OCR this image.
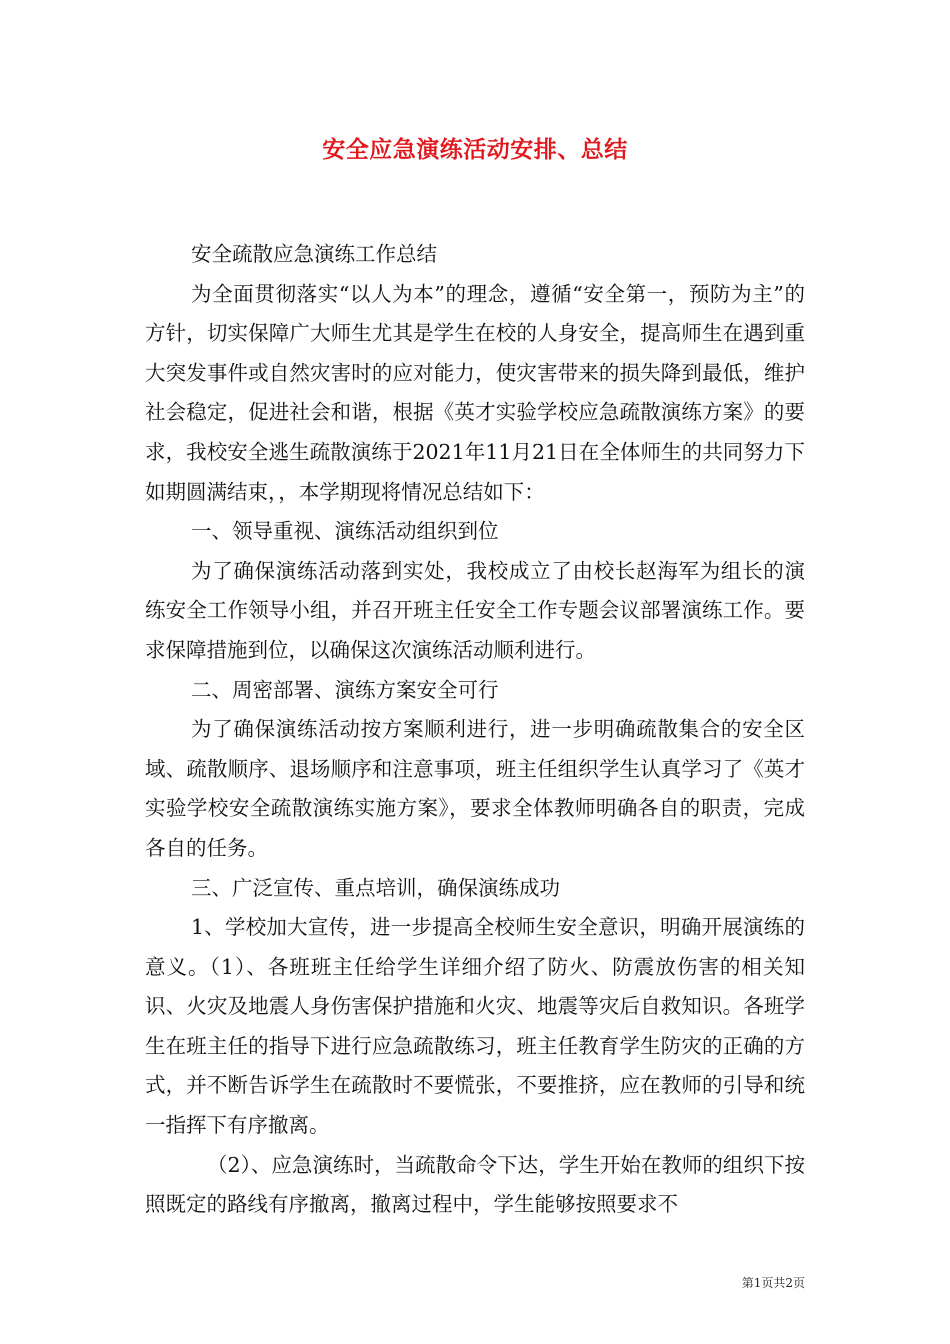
安全应急演练活动安排、总结

安全疏散应急演练工作总结

为全面贯彻落实“以人为本”的理念，遵循“安全第一，预防为主”的方针，切实保障广大师生尤其是学生在校的人身安全，提高师生在遇到重大突发事件或自然灾害时的应对能力，使灾害带来的损失降到最低，维护社会稳定，促进社会和谐，根据《英才实验学校应急疏散演练方案》的要求，我校安全逃生疏散演练于2021年11月21日在全体师生的共同努力下如期圆满结束，，本学期现将情况总结如下：

一、领导重视、演练活动组织到位

为了确保演练活动落到实处，我校成立了由校长赵海军为组长的演练安全工作领导小组，并召开班主任安全工作专题会议部署演练工作。要求保障措施到位，以确保这次演练活动顺利进行。

二、周密部署、演练方案安全可行

为了确保演练活动按方案顺利进行，进一步明确疏散集合的安全区域、疏散顺序、退场顺序和注意事项，班主任组织学生认真学习了《英才实验学校安全疏散演练实施方案》，要求全体教师明确各自的职责，完成各自的任务。

三、广泛宣传、重点培训，确保演练成功

1、学校加大宣传，进一步提高全校师生安全意识，明确开展演练的意义。（1）、各班班主任给学生详细介绍了防火、防震放伤害的相关知识、火灾及地震人身伤害保护措施和火灾、地震等灾后自救知识。各班学生在班主任的指导下进行应急疏散练习，班主任教育学生防灾的正确的方式，并不断告诉学生在疏散时不要慌张，不要推挤，应在教师的引导和统一指挥下有序撤离。

（2）、应急演练时，当疏散命令下达，学生开始在教师的组织下按照既定的路线有序撤离，撤离过程中，学生能够按照要求不

第1页共2页
